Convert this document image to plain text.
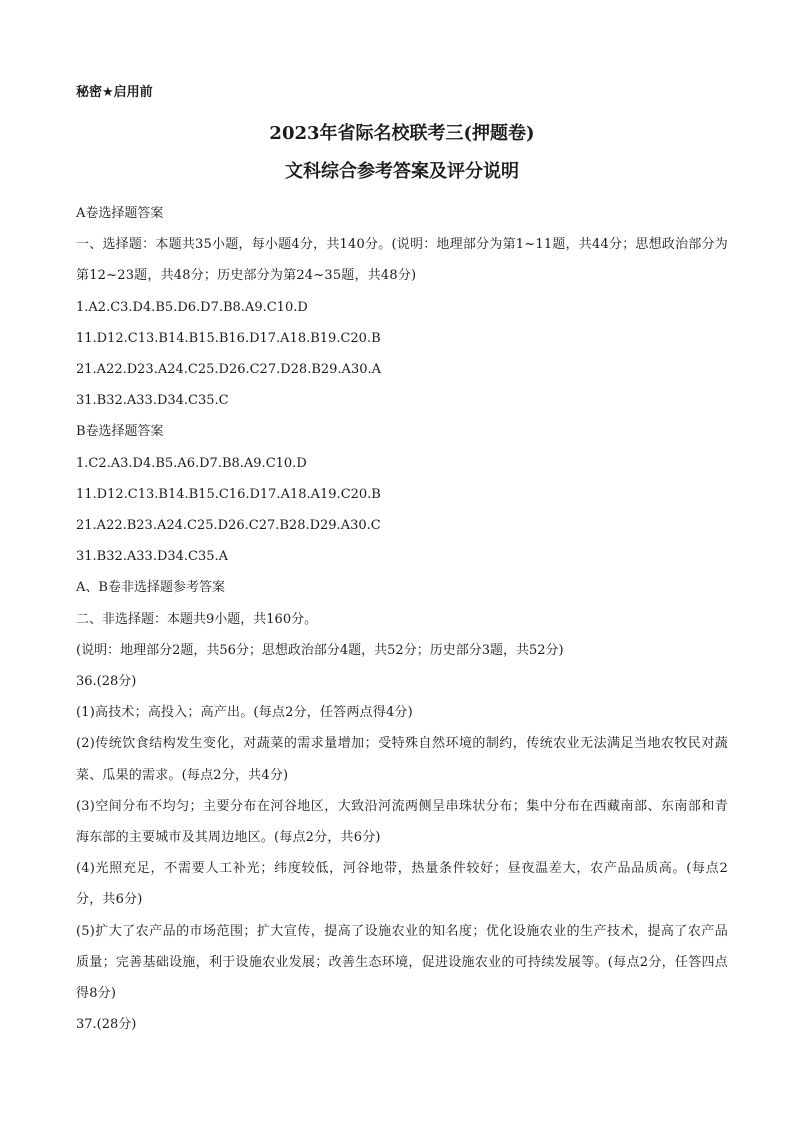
秘密★启用前

2023年省际名校联考三(押题卷)

文科综合参考答案及评分说明

A卷选择题答案

一、选择题：本题共35小题，每小题4分，共140分。(说明：地理部分为第1~11题，共44分；思想政治部分为第12~23题，共48分；历史部分为第24~35题，共48分)

1.A2.C3.D4.B5.D6.D7.B8.A9.C10.D

11.D12.C13.B14.B15.B16.D17.A18.B19.C20.B

21.A22.D23.A24.C25.D26.C27.D28.B29.A30.A

31.B32.A33.D34.C35.C

B卷选择题答案

1.C2.A3.D4.B5.A6.D7.B8.A9.C10.D

11.D12.C13.B14.B15.C16.D17.A18.A19.C20.B

21.A22.B23.A24.C25.D26.C27.B28.D29.A30.C

31.B32.A33.D34.C35.A

A、B卷非选择题参考答案

二、非选择题：本题共9小题，共160分。

(说明：地理部分2题，共56分；思想政治部分4题，共52分；历史部分3题，共52分)

36.(28分)

(1)高技术；高投入；高产出。(每点2分，任答两点得4分)

(2)传统饮食结构发生变化，对蔬菜的需求量增加；受特殊自然环境的制约，传统农业无法满足当地农牧民对蔬菜、瓜果的需求。(每点2分，共4分)

(3)空间分布不均匀；主要分布在河谷地区，大致沿河流两侧呈串珠状分布；集中分布在西藏南部、东南部和青海东部的主要城市及其周边地区。(每点2分，共6分)

(4)光照充足，不需要人工补光；纬度较低，河谷地带，热量条件较好；昼夜温差大，农产品品质高。(每点2分，共6分)

(5)扩大了农产品的市场范围；扩大宣传，提高了设施农业的知名度；优化设施农业的生产技术，提高了农产品质量；完善基础设施，利于设施农业发展；改善生态环境，促进设施农业的可持续发展等。(每点2分，任答四点得8分)

37.(28分)
